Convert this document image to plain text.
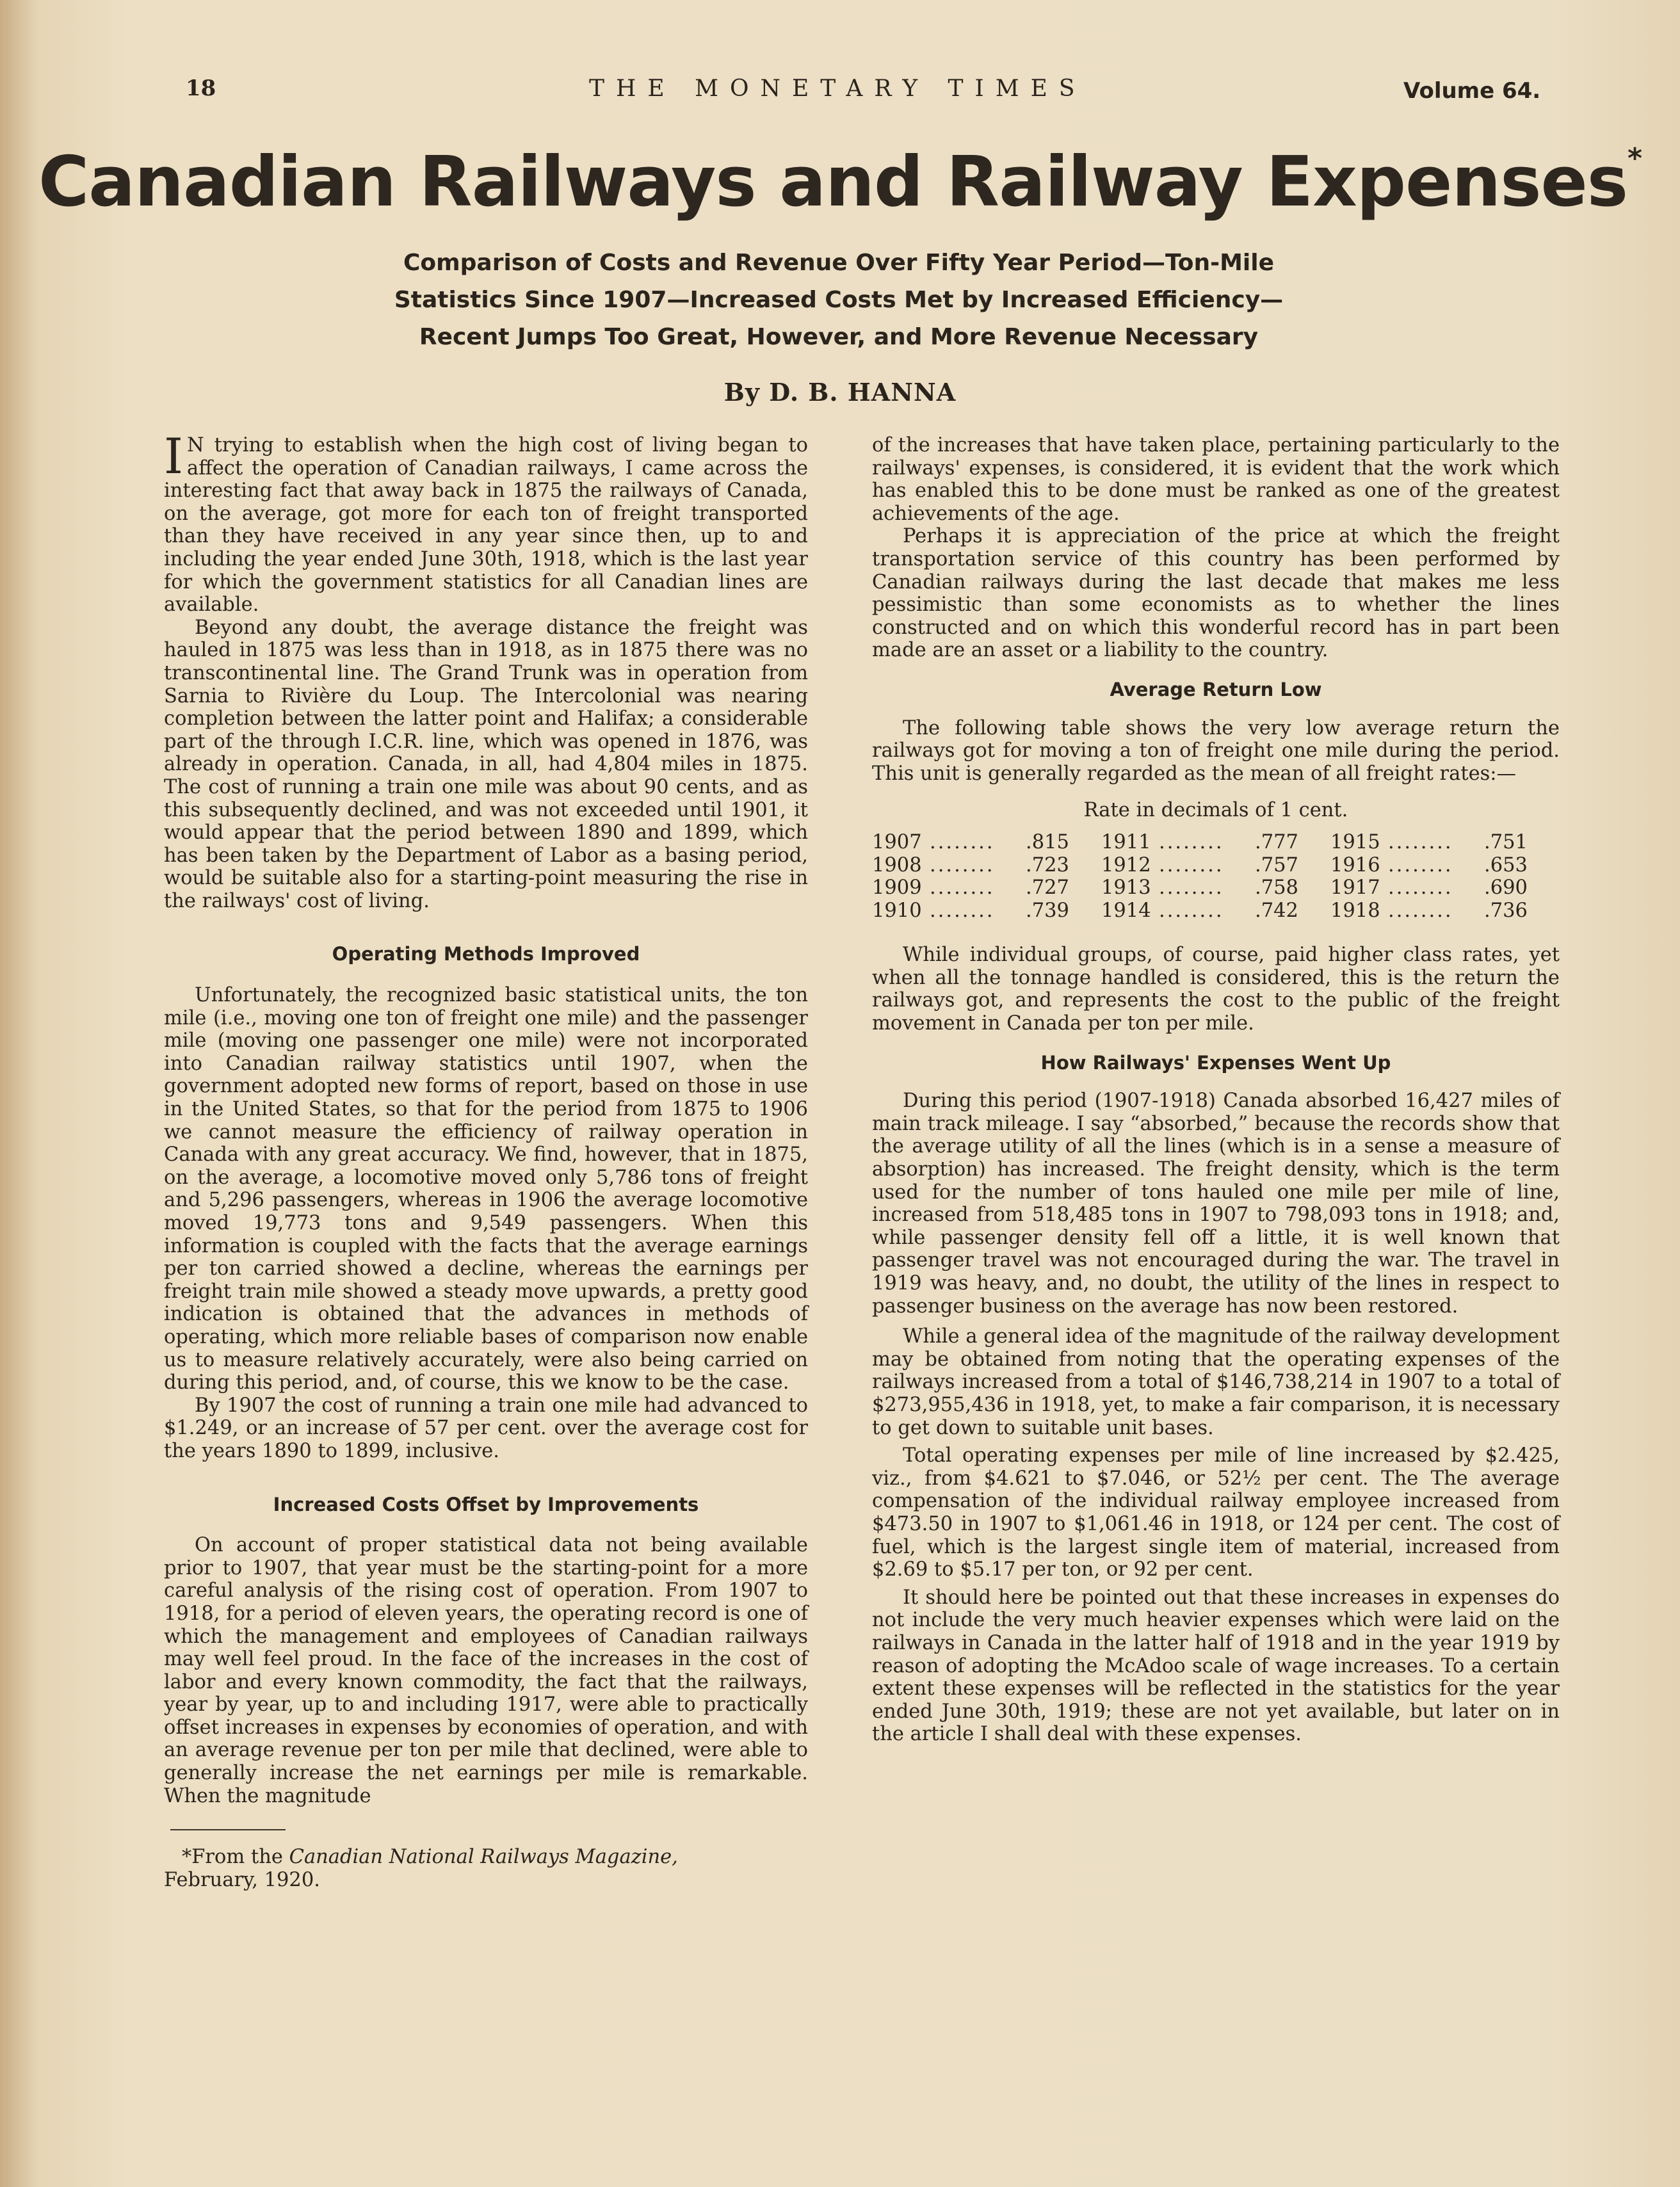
18	THE MONETARY TIMES	Volume 64.
Canadian Railways and Railway Expenses*
Comparison of Costs and Revenue Over Fifty Year Period—Ton-Mile
Statistics Since 1907—Increased Costs Met by Increased Efficiency—
Recent Jumps Too Great, However, and More Revenue Necessary
By D. B. HANNA

I N trying to establish when the high cost of living began to affect the operation of Canadian railways, I came across the interesting fact that away back in 1875 the railways of Canada, on the average, got more for each ton of freight transported than they have received in any year since then, up to and including the year ended June 30th, 1918, which is the last year for which the government statistics for all Canadian lines are available.

Beyond any doubt, the average distance the freight was hauled in 1875 was less than in 1918, as in 1875 there was no transcontinental line. The Grand Trunk was in operation from Sarnia to Rivière du Loup. The Intercolonial was nearing completion between the latter point and Halifax; a considerable part of the through I.C.R. line, which was opened in 1876, was already in operation. Canada, in all, had 4,804 miles in 1875. The cost of running a train one mile was about 90 cents, and as this subsequently declined, and was not exceeded until 1901, it would appear that the period between 1890 and 1899, which has been taken by the Department of Labor as a basing period, would be suitable also for a starting-point measuring the rise in the railways' cost of living.

Operating Methods Improved

Unfortunately, the recognized basic statistical units, the ton mile (i.e., moving one ton of freight one mile) and the passenger mile (moving one passenger one mile) were not incorporated into Canadian railway statistics until 1907, when the government adopted new forms of report, based on those in use in the United States, so that for the period from 1875 to 1906 we cannot measure the efficiency of railway operation in Canada with any great accuracy. We find, however, that in 1875, on the average, a locomotive moved only 5,786 tons of freight and 5,296 passengers, whereas in 1906 the average locomotive moved 19,773 tons and 9,549 passengers. When this information is coupled with the facts that the average earnings per ton carried showed a decline, whereas the earnings per freight train mile showed a steady move upwards, a pretty good indication is obtained that the advances in methods of operating, which more reliable bases of comparison now enable us to measure relatively accurately, were also being carried on during this period, and, of course, this we know to be the case.

By 1907 the cost of running a train one mile had advanced to $1.249, or an increase of 57 per cent. over the average cost for the years 1890 to 1899, inclusive.

Increased Costs Offset by Improvements

On account of proper statistical data not being available prior to 1907, that year must be the starting-point for a more careful analysis of the rising cost of operation. From 1907 to 1918, for a period of eleven years, the operating record is one of which the management and employees of Canadian railways may well feel proud. In the face of the increases in the cost of labor and every known commodity, the fact that the railways, year by year, up to and including 1917, were able to practically offset increases in expenses by economies of operation, and with an average revenue per ton per mile that declined, were able to generally increase the net earnings per mile is remarkable. When the magnitude

*From the Canadian National Railways Magazine,
February, 1920.

of the increases that have taken place, pertaining particularly to the railways' expenses, is considered, it is evident that the work which has enabled this to be done must be ranked as one of the greatest achievements of the age.

Perhaps it is appreciation of the price at which the freight transportation service of this country has been performed by Canadian railways during the last decade that makes me less pessimistic than some economists as to whether the lines constructed and on which this wonderful record has in part been made are an asset or a liability to the country.

Average Return Low

The following table shows the very low average return the railways got for moving a ton of freight one mile during the period. This unit is generally regarded as the mean of all freight rates:—

Rate in decimals of 1 cent.
1907	........	.815	1911	........	.777	1915	........	.751
1908	........	.723	1912	........	.757	1916	........	.653
1909	........	.727	1913	........	.758	1917	........	.690
1910	........	.739	1914	........	.742	1918	........	.736

While individual groups, of course, paid higher class rates, yet when all the tonnage handled is considered, this is the return the railways got, and represents the cost to the public of the freight movement in Canada per ton per mile.

How Railways' Expenses Went Up

During this period (1907-1918) Canada absorbed 16,427 miles of main track mileage. I say “absorbed,” because the records show that the average utility of all the lines (which is in a sense a measure of absorption) has increased. The freight density, which is the term used for the number of tons hauled one mile per mile of line, increased from 518,485 tons in 1907 to 798,093 tons in 1918; and, while passenger density fell off a little, it is well known that passenger travel was not encouraged during the war. The travel in 1919 was heavy, and, no doubt, the utility of the lines in respect to passenger business on the average has now been restored.

While a general idea of the magnitude of the railway development may be obtained from noting that the operating expenses of the railways increased from a total of $146,738,214 in 1907 to a total of $273,955,436 in 1918, yet, to make a fair comparison, it is necessary to get down to suitable unit bases.

Total operating expenses per mile of line increased by $2.425, viz., from $4.621 to $7.046, or 52½ per cent. The The average compensation of the individual railway employee increased from $473.50 in 1907 to $1,061.46 in 1918, or 124 per cent. The cost of fuel, which is the largest single item of material, increased from $2.69 to $5.17 per ton, or 92 per cent.

It should here be pointed out that these increases in expenses do not include the very much heavier expenses which were laid on the railways in Canada in the latter half of 1918 and in the year 1919 by reason of adopting the McAdoo scale of wage increases. To a certain extent these expenses will be reflected in the statistics for the year ended June 30th, 1919; these are not yet available, but later on in the article I shall deal with these expenses.
